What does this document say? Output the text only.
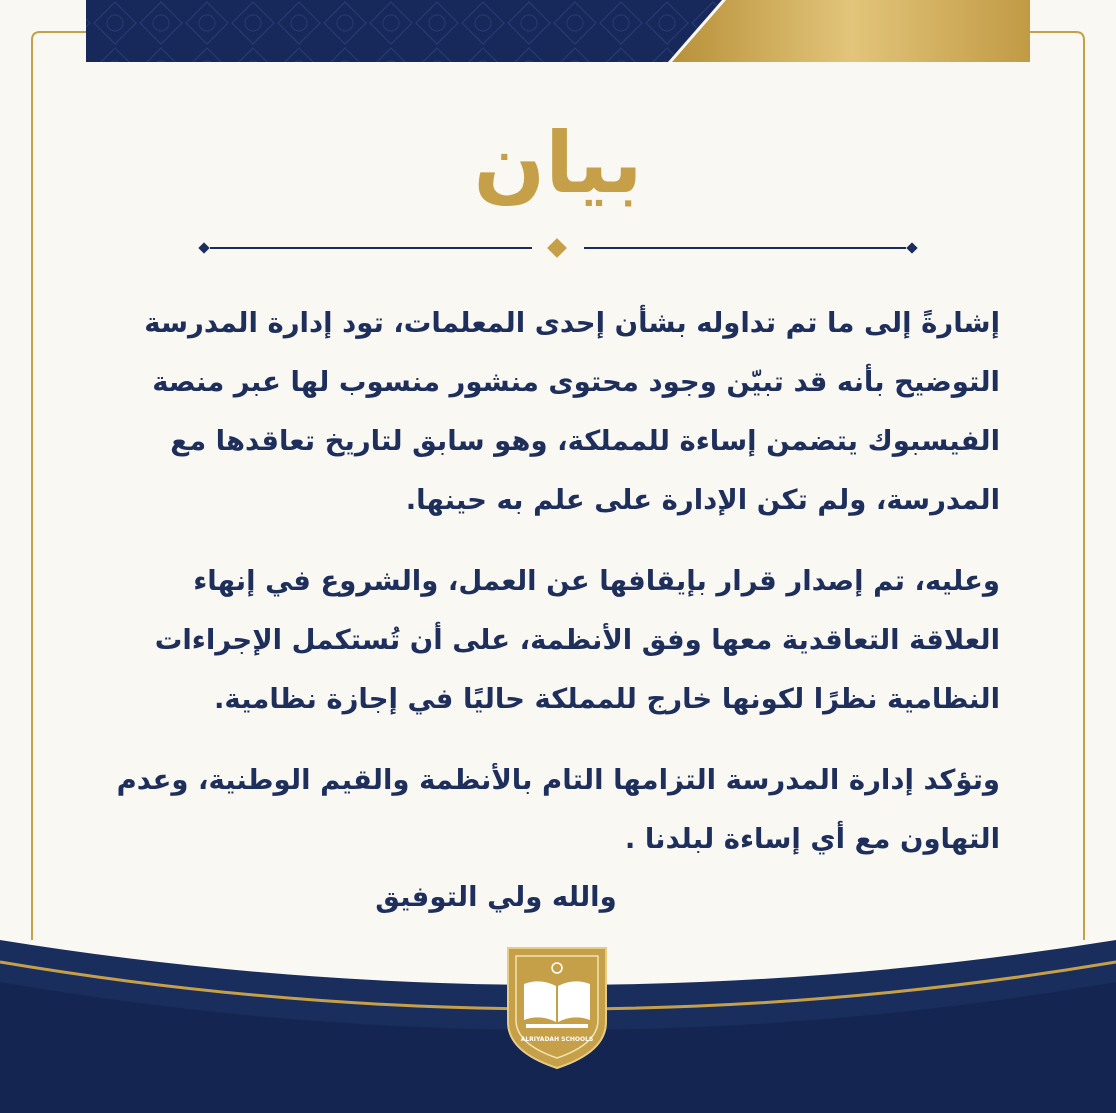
بيان

إشارةً إلى ما تم تداوله بشأن إحدى المعلمات، تود إدارة المدرسة التوضيح بأنه قد تبيّن وجود محتوى منشور منسوب لها عبر منصة الفيسبوك يتضمن إساءة للمملكة، وهو سابق لتاريخ تعاقدها مع المدرسة، ولم تكن الإدارة على علم به حينها.

وعليه، تم إصدار قرار بإيقافها عن العمل، والشروع في إنهاء العلاقة التعاقدية معها وفق الأنظمة، على أن تُستكمل الإجراءات النظامية نظرًا لكونها خارج للمملكة حاليًا في إجازة نظامية.

وتؤكد إدارة المدرسة التزامها التام بالأنظمة والقيم الوطنية، وعدم التهاون مع أي إساءة لبلدنا .

والله ولي التوفيق
ALRIYADAH SCHOOLS
